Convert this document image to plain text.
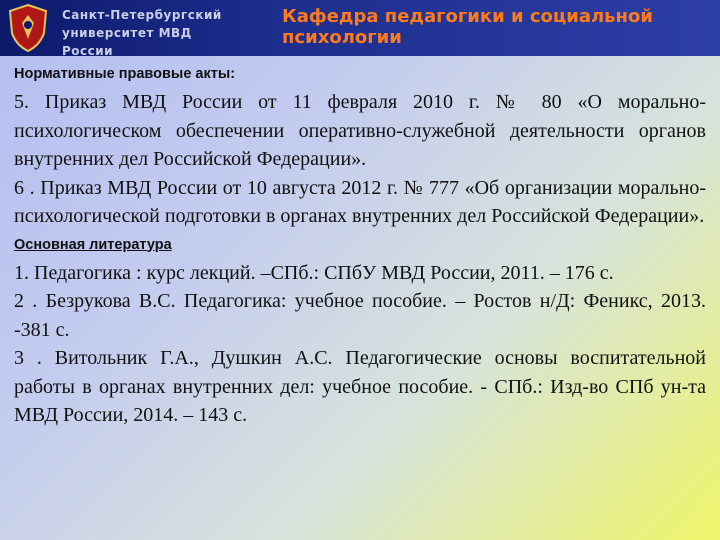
Санкт-Петербургский университет МВД России
Кафедра педагогики и социальной психологии
Нормативные правовые акты:

5. Приказ МВД России от 11 февраля 2010 г. № 80 «О морально-психологическом обеспечении оперативно-служебной деятельности органов внутренних дел Российской Федерации».

6 . Приказ МВД России от 10 августа 2012 г. № 777 «Об организации морально-психологической подготовки в органах внутренних дел Российской Федерации».

Основная литература

1. Педагогика : курс лекций. –СПб.: СПбУ МВД России, 2011. – 176 с.

2 . Безрукова В.С. Педагогика: учебное пособие. – Ростов н/Д: Феникс, 2013. -381 с.

3 . Витольник Г.А., Душкин А.С. Педагогические основы воспитательной работы в органах внутренних дел: учебное пособие. - СПб.: Изд-во СПб ун-та МВД России, 2014. – 143 с.
